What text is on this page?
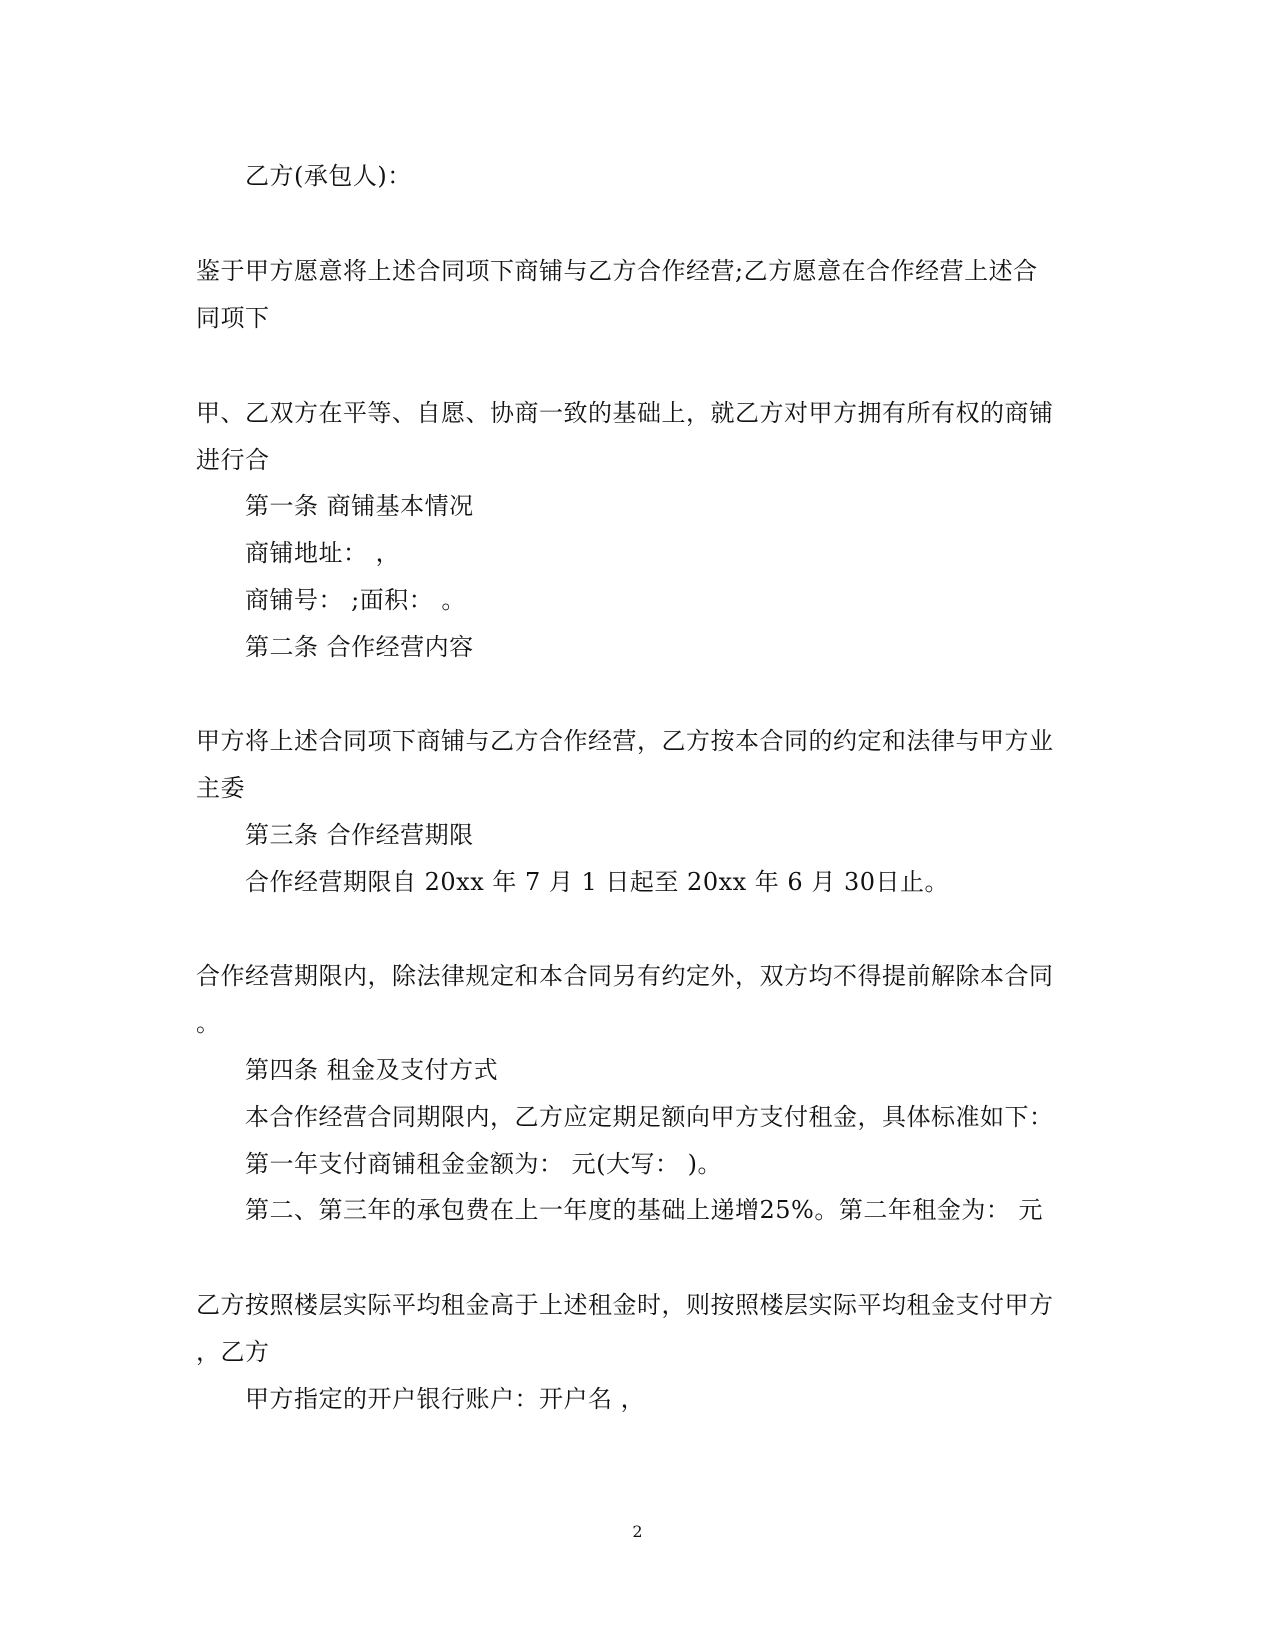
乙方(承包人)：
鉴于甲方愿意将上述合同项下商铺与乙方合作经营;乙方愿意在合作经营上述合
同项下
甲、乙双方在平等、自愿、协商一致的基础上，就乙方对甲方拥有所有权的商铺
进行合
第一条 商铺基本情况
商铺地址： ，
商铺号： ;面积： 。
第二条 合作经营内容
甲方将上述合同项下商铺与乙方合作经营，乙方按本合同的约定和法律与甲方业
主委
第三条 合作经营期限
合作经营期限自 20xx 年 7 月 1 日起至 20xx 年 6 月 30日止。
合作经营期限内，除法律规定和本合同另有约定外，双方均不得提前解除本合同
。
第四条 租金及支付方式
本合作经营合同期限内，乙方应定期足额向甲方支付租金，具体标准如下：
第一年支付商铺租金金额为： 元(大写： )。
第二、第三年的承包费在上一年度的基础上递增25%。第二年租金为： 元
乙方按照楼层实际平均租金高于上述租金时，则按照楼层实际平均租金支付甲方
，乙方
甲方指定的开户银行账户：开户名 ，
2
